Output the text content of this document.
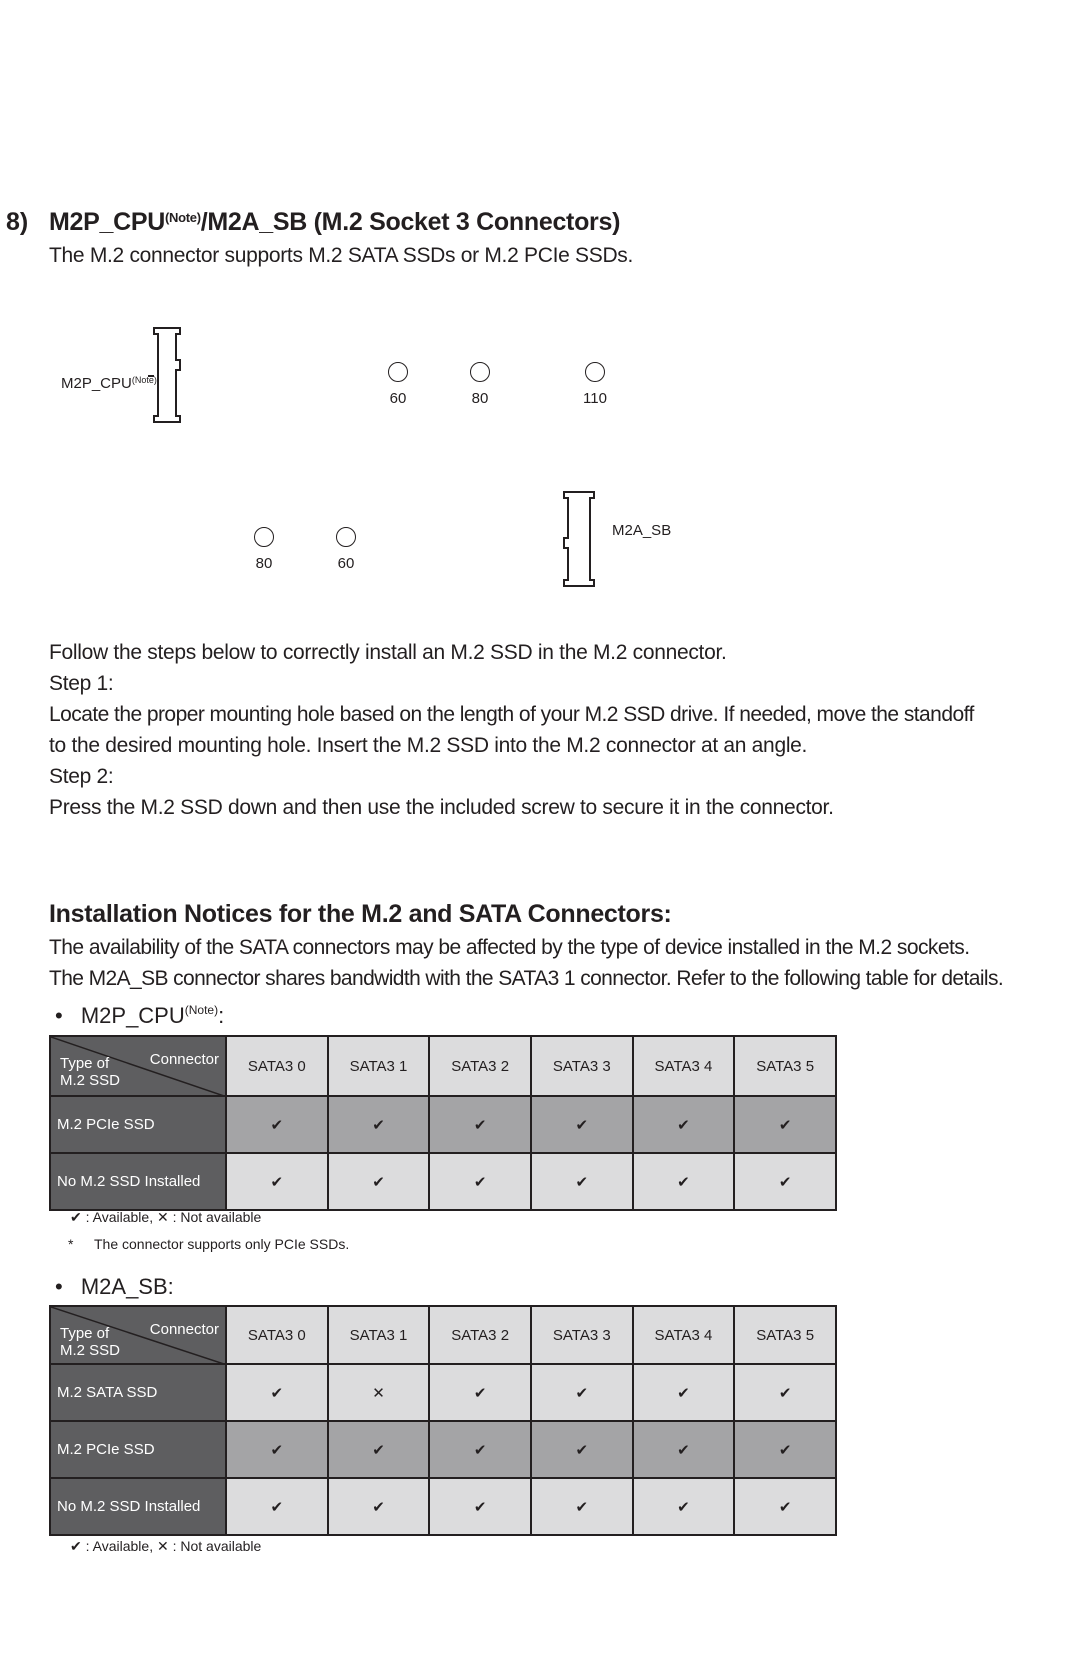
8) $M2P\_CPU^{(Note)}/M2A\_SB$ (M.2 Socket 3 Connectors)
The M.2 connector supports M.2 SATA SSDs or M.2 PCIe SSDs.
$M2P\_CPU^{(Note)}$
60	80	110
80	60
M2A_SB
Follow the steps below to correctly install an M.2 SSD in the M.2 connector.
Step 1:
Locate the proper mounting hole based on the length of your M.2 SSD drive. If needed, move the standoff
to the desired mounting hole. Insert the M.2 SSD into the M.2 connector at an angle.
Step 2:
Press the M.2 SSD down and then use the included screw to secure it in the connector.
Installation Notices for the M.2 and SATA Connectors:
The availability of the SATA connectors may be affected by the type of device installed in the M.2 sockets.
The M2A_SB connector shares bandwidth with the SATA3 1 connector. Refer to the following table for details.
• $M2P\_CPU^{(Note)}$:
Type of
M.2 SSD
Connector	SATA3 0	SATA3 1	SATA3 2	SATA3 3	SATA3 4	SATA3 5
M.2 PCIe SSD	✔	✔	✔	✔	✔	✔
No M.2 SSD Installed	✔	✔	✔	✔	✔	✔
✔ : Available, ✕ : Not available
* The connector supports only PCIe SSDs.
• M2A_SB:
Type of
M.2 SSD
Connector	SATA3 0	SATA3 1	SATA3 2	SATA3 3	SATA3 4	SATA3 5
M.2 SATA SSD	✔	✕	✔	✔	✔	✔
M.2 PCIe SSD	✔	✔	✔	✔	✔	✔
No M.2 SSD Installed	✔	✔	✔	✔	✔	✔
✔ : Available, ✕ : Not available
